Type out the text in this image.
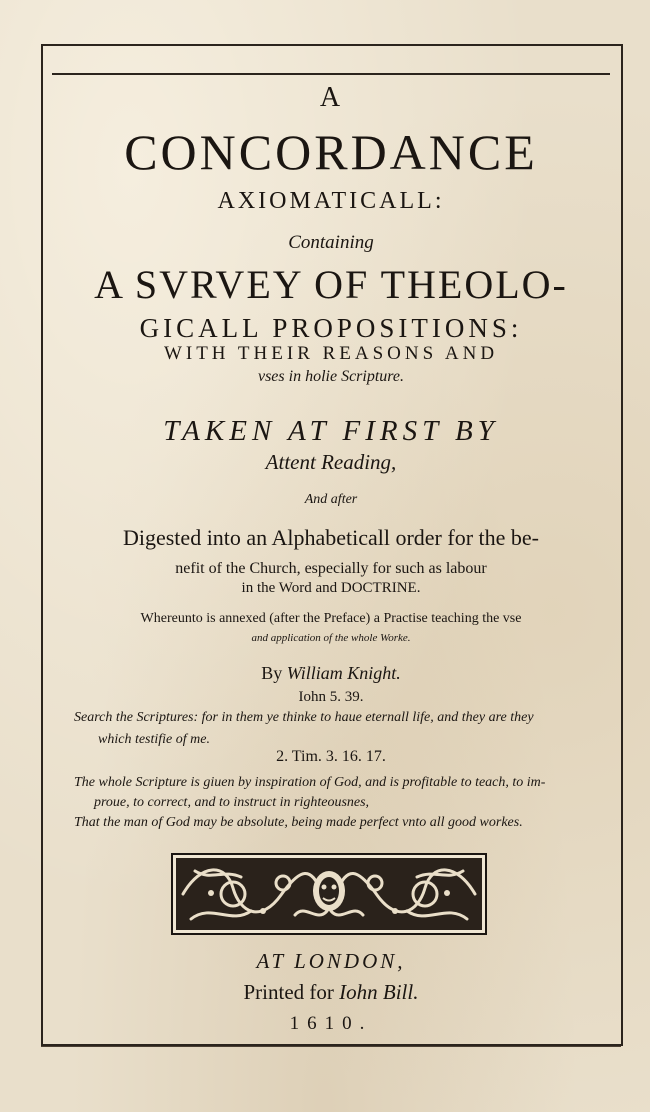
A
CONCORDANCE
AXIOMATICALL:
Containing
A SVRVEY OF THEOLO-
GICALL PROPOSITIONS:
WITH THEIR REASONS AND
vses in holie Scripture.
TAKEN AT FIRST BY
Attent Reading,
And after
Digested into an Alphabeticall order for the be-
nefit of the Church, especially for such as labour
in the Word and DOCTRINE.
Whereunto is annexed (after the Preface) a Practise teaching the vse
and application of the whole Worke.
By William Knight.
Iohn 5. 39.
Search the Scriptures: for in them ye thinke to haue eternall life, and they are they
which testifie of me.
2. Tim. 3. 16. 17.
The whole Scripture is giuen by inspiration of God, and is profitable to teach, to im-
proue, to correct, and to instruct in righteousnes,
That the man of God may be absolute, being made perfect vnto all good workes.
AT LONDON,
Printed for Iohn Bill.
1610.
